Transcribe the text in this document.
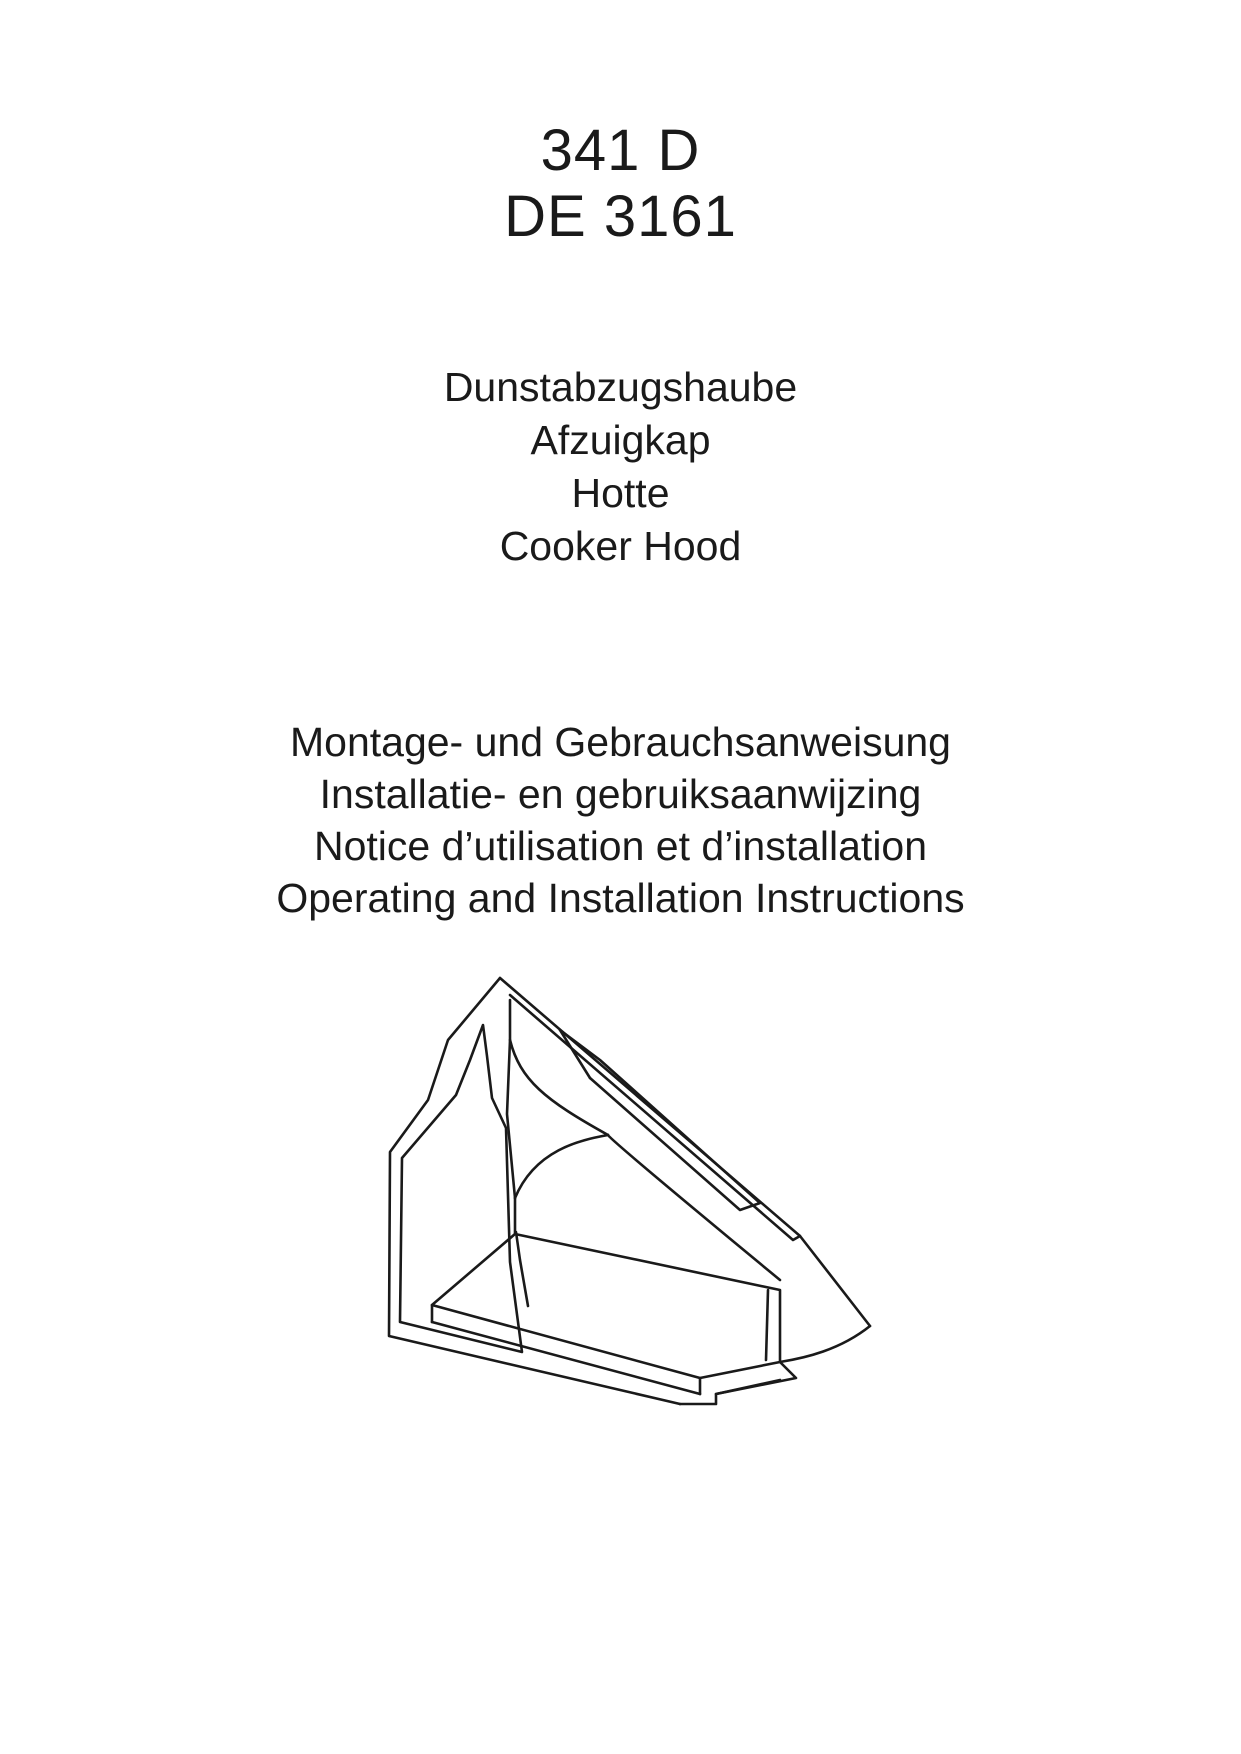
341 D
DE 3161
Dunstabzugshaube
Afzuigkap
Hotte
Cooker Hood
Montage- und Gebrauchsanweisung
Installatie- en gebruiksaanwijzing
Notice d’utilisation et d’installation
Operating and Installation Instructions
